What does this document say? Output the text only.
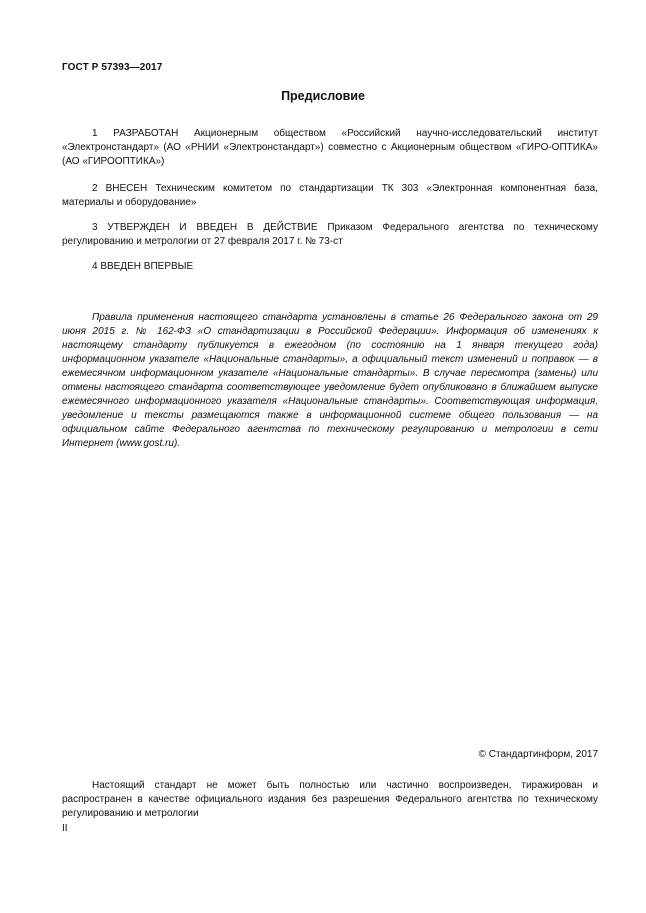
ГОСТ Р 57393—2017
Предисловие

1 РАЗРАБОТАН Акционерным обществом «Российский научно-исследовательский институт «Электронстандарт» (АО «РНИИ «Электронстандарт») совместно с Акционерным обществом «ГИРО-ОПТИКА» (АО «ГИРООПТИКА»)

2 ВНЕСЕН Техническим комитетом по стандартизации ТК 303 «Электронная компонентная база, материалы и оборудование»

3 УТВЕРЖДЕН И ВВЕДЕН В ДЕЙСТВИЕ Приказом Федерального агентства по техническому регулированию и метрологии от 27 февраля 2017 г. № 73-ст

4 ВВЕДЕН ВПЕРВЫЕ

Правила применения настоящего стандарта установлены в статье 26 Федерального закона от 29 июня 2015 г. № 162-ФЗ «О стандартизации в Российской Федерации». Информация об изменениях к настоящему стандарту публикуется в ежегодном (по состоянию на 1 января текущего года) информационном указателе «Национальные стандарты», а официальный текст изменений и поправок — в ежемесячном информационном указателе «Национальные стандарты». В случае пересмотра (замены) или отмены настоящего стандарта соответствующее уведомление будет опубликовано в ближайшем выпуске ежемесячного информационного указателя «Национальные стандарты». Соответствующая информация, уведомление и тексты размещаются также в информационной системе общего пользования — на официальном сайте Федерального агентства по техническому регулированию и метрологии в сети Интернет (www.gost.ru).

© Стандартинформ, 2017

Настоящий стандарт не может быть полностью или частично воспроизведен, тиражирован и распространен в качестве официального издания без разрешения Федерального агентства по техническому регулированию и метрологии

II
